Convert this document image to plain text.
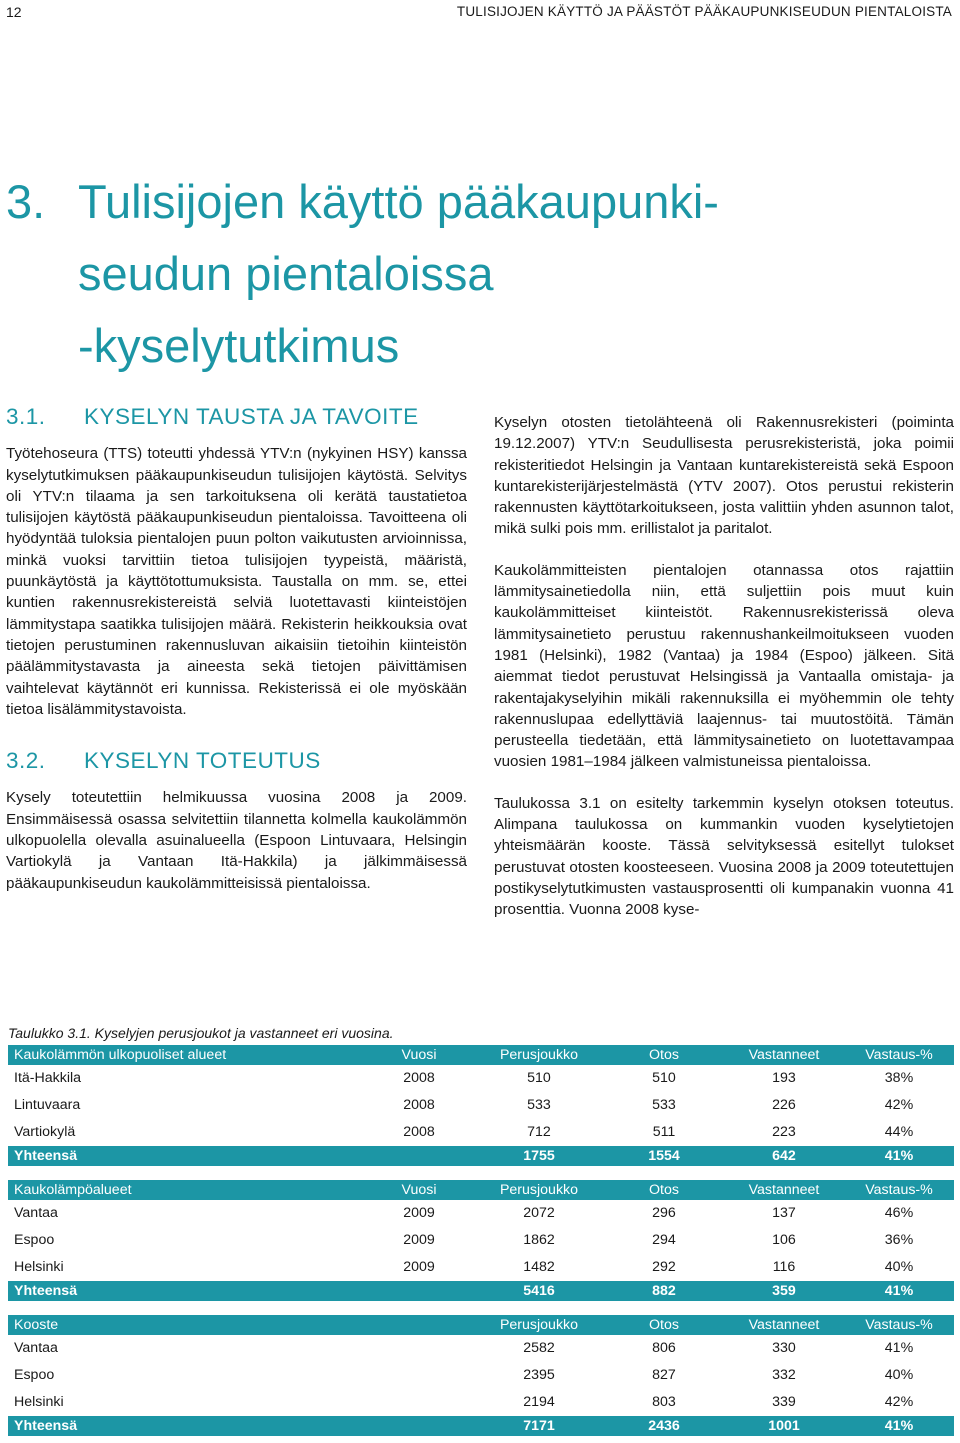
12	TULISIJOJEN KÄYTTÖ JA PÄÄSTÖT PÄÄKAUPUNKISEUDUN PIENTALOISTA
3. Tulisijojen käyttö pääkaupunki-
seudun pientaloissa
-kyselytutkimus
3.1. KYSELYN TAUSTA JA TAVOITE

Työtehoseura (TTS) toteutti yhdessä YTV:n (nykyinen HSY) kanssa kyselytutkimuksen pääkaupunkiseudun tulisijojen käytöstä. Selvitys oli YTV:n tilaama ja sen tarkoituksena oli kerätä taustatietoa tulisijojen käytöstä pääkaupunkiseudun pientaloissa. Tavoitteena oli hyödyntää tuloksia pientalojen puun polton vaikutusten arvioinnissa, minkä vuoksi tarvittiin tietoa tulisijojen tyypeistä, määristä, puunkäytöstä ja käyttötottumuksista. Taustalla on mm. se, ettei kuntien rakennusrekistereistä selviä luotettavasti kiinteistöjen lämmitystapa saatikka tulisijojen määrä. Rekisterin heikkouksia ovat tietojen perustuminen rakennusluvan aikaisiin tietoihin kiinteistön päälämmitystavasta ja aineesta sekä tietojen päivittämisen vaihtelevat käytännöt eri kunnissa. Rekisterissä ei ole myöskään tietoa lisälämmitystavoista.

3.2. KYSELYN TOTEUTUS

Kysely toteutettiin helmikuussa vuosina 2008 ja 2009. Ensimmäisessä osassa selvitettiin tilannetta kolmella kaukolämmön ulkopuolella olevalla asuinalueella (Espoon Lintuvaara, Helsingin Vartiokylä ja Vantaan Itä-Hakkila) ja jälkimmäisessä pääkaupunkiseudun kaukolämmitteisissä pientaloissa.

Kyselyn otosten tietolähteenä oli Rakennusrekisteri (poiminta 19.12.2007) YTV:n Seudullisesta perusrekisteristä, joka poimii rekisteritiedot Helsingin ja Vantaan kuntarekistereistä sekä Espoon kuntarekisterijärjestelmästä (YTV 2007). Otos perustui rekisterin rakennusten käyttötarkoitukseen, josta valittiin yhden asunnon talot, mikä sulki pois mm. erillistalot ja paritalot.

Kaukolämmitteisten pientalojen otannassa otos rajattiin lämmitysainetiedolla niin, että suljettiin pois muut kuin kaukolämmitteiset kiinteistöt. Rakennusrekisterissä oleva lämmitysainetieto perustuu rakennushankeilmoitukseen vuoden 1981 (Helsinki), 1982 (Vantaa) ja 1984 (Espoo) jälkeen. Sitä aiemmat tiedot perustuvat Helsingissä ja Vantaalla omistaja- ja rakentajakyselyihin mikäli rakennuksilla ei myöhemmin ole tehty rakennuslupaa edellyttäviä laajennus- tai muutostöitä. Tämän perusteella tiedetään, että lämmitysainetieto on luotettavampaa vuosien 1981–1984 jälkeen valmistuneissa pientaloissa.

Taulukossa 3.1 on esitelty tarkemmin kyselyn otoksen toteutus. Alimpana taulukossa on kummankin vuoden kyselytietojen yhteismäärän kooste. Tässä selvityksessä esitellyt tulokset perustuvat otosten koosteeseen. Vuosina 2008 ja 2009 toteutettujen postikyselytutkimusten vastausprosentti oli kumpanakin vuonna 41 prosenttia. Vuonna 2008 kyse-

Taulukko 3.1. Kyselyjen perusjoukot ja vastanneet eri vuosina.
Kaukolämmön ulkopuoliset alueet	Vuosi	Perusjoukko	Otos	Vastanneet	Vastaus-%
Itä-Hakkila	2008	510	510	193	38%
Lintuvaara	2008	533	533	226	42%
Vartiokylä	2008	712	511	223	44%
Yhteensä		1755	1554	642	41%
Kaukolämpöalueet	Vuosi	Perusjoukko	Otos	Vastanneet	Vastaus-%
Vantaa	2009	2072	296	137	46%
Espoo	2009	1862	294	106	36%
Helsinki	2009	1482	292	116	40%
Yhteensä		5416	882	359	41%
Kooste		Perusjoukko	Otos	Vastanneet	Vastaus-%
Vantaa		2582	806	330	41%
Espoo		2395	827	332	40%
Helsinki		2194	803	339	42%
Yhteensä		7171	2436	1001	41%
